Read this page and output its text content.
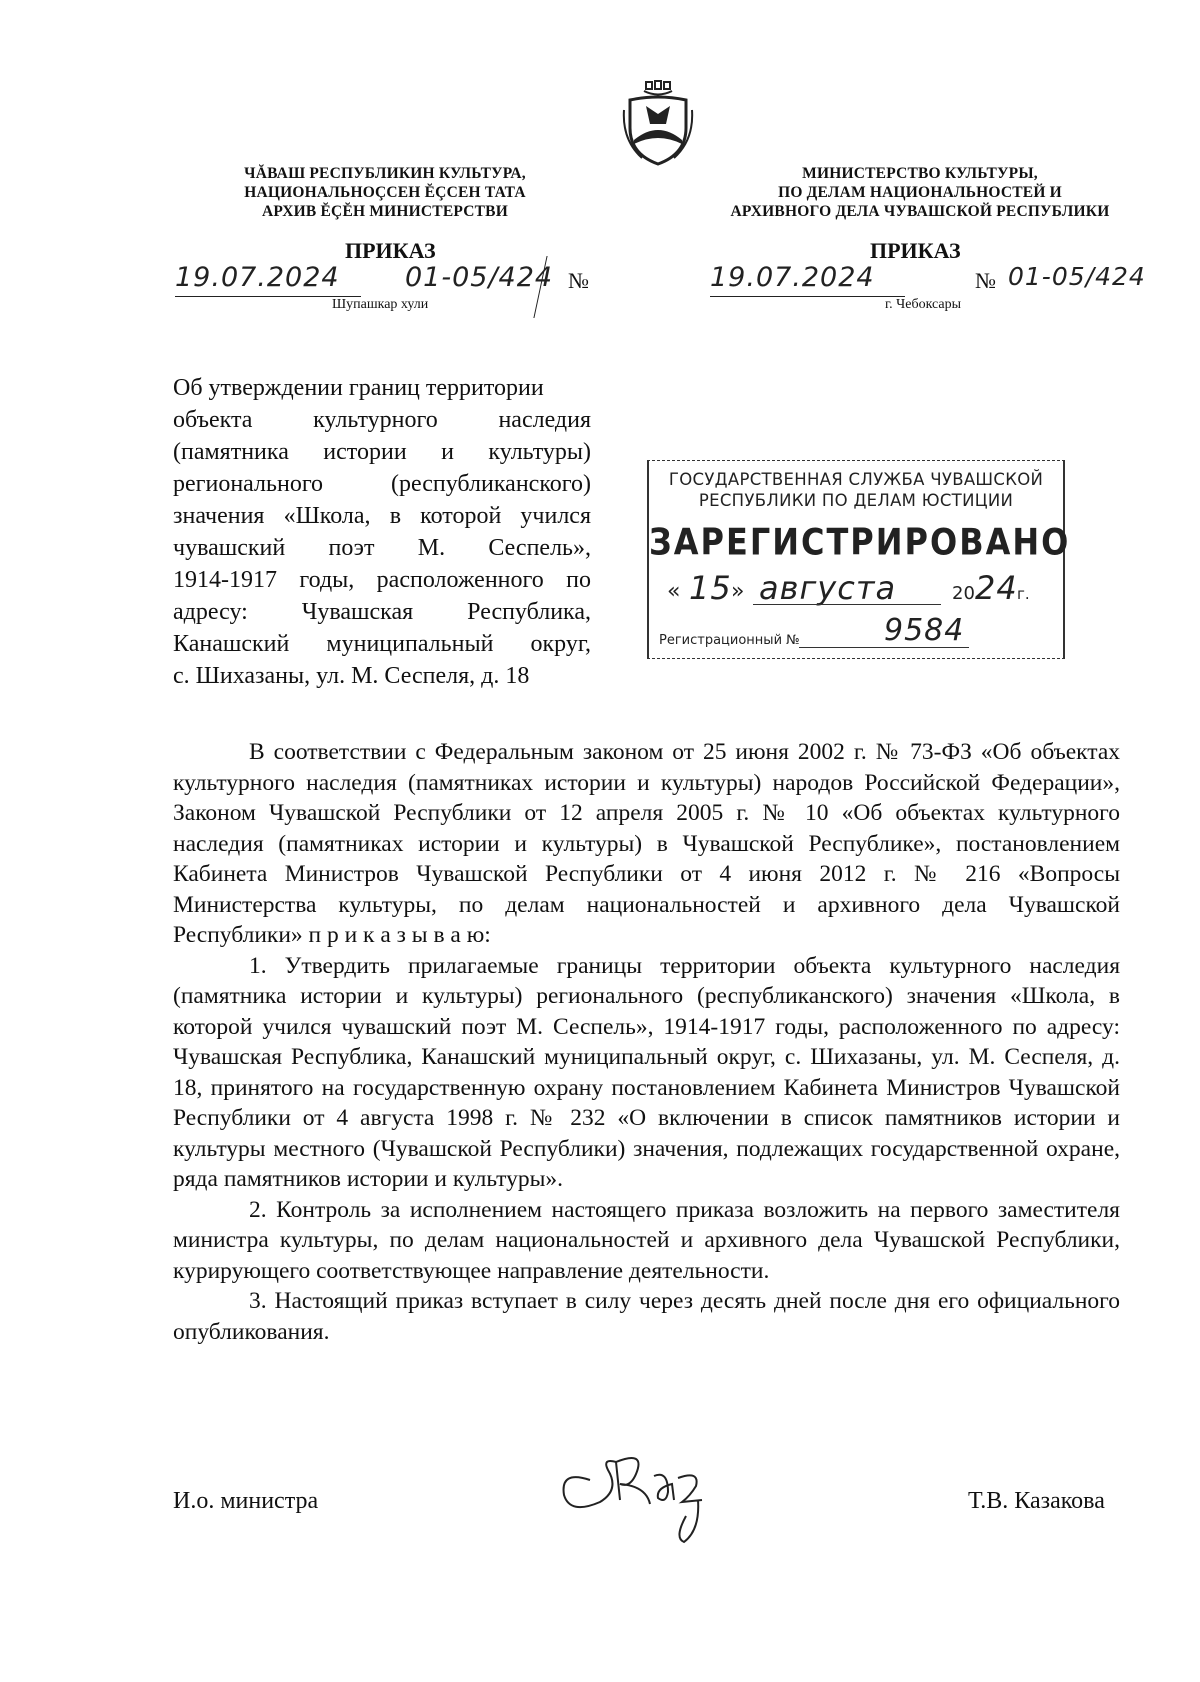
ЧĂВАШ РЕСПУБЛИКИН КУЛЬТУРА,
НАЦИОНАЛЬНОÇСЕН ĔÇСЕН ТАТА
АРХИВ ĔÇĔН МИНИСТЕРСТВИ
МИНИСТЕРСТВО КУЛЬТУРЫ,
ПО ДЕЛАМ НАЦИОНАЛЬНОСТЕЙ И
АРХИВНОГО ДЕЛА ЧУВАШСКОЙ РЕСПУБЛИКИ
ПРИКАЗ
19.07.2024 01-05/424 №
Шупашкар хули
ПРИКАЗ
19.07.2024	№ 01-05/424
г. Чебоксары
Об утверждении границ территории
объекта культурного наследия
(памятника истории и культуры)
регионального (республиканского)
значения «Школа, в которой учился
чувашский поэт М. Сеспель»,
1914-1917 годы, расположенного по
адресу: Чувашская Республика,
Канашский муниципальный округ,
с. Шихазаны, ул. М. Сеспеля, д. 18
ГОСУДАРСТВЕННАЯ СЛУЖБА ЧУВАШСКОЙ
РЕСПУБЛИКИ ПО ДЕЛАМ ЮСТИЦИИ
ЗАРЕГИСТРИРОВАНО
« 15 » августа	20 24 г.
Регистрационный №	9584

В соответствии с Федеральным законом от 25 июня 2002 г. № 73-ФЗ «Об объектах культурного наследия (памятниках истории и культуры) народов Российской Федерации», Законом Чувашской Республики от 12 апреля 2005 г. № 10 «Об объектах культурного наследия (памятниках истории и культуры) в Чувашской Республике», постановлением Кабинета Министров Чувашской Республики от 4 июня 2012 г. № 216 «Вопросы Министерства культуры, по делам национальностей и архивного дела Чувашской Республики» п р и к а з ы в а ю:

1. Утвердить прилагаемые границы территории объекта культурного наследия (памятника истории и культуры) регионального (республиканского) значения «Школа, в которой учился чувашский поэт М. Сеспель», 1914-1917 годы, расположенного по адресу: Чувашская Республика, Канашский муниципальный округ, с. Шихазаны, ул. М. Сеспеля, д. 18, принятого на государственную охрану постановлением Кабинета Министров Чувашской Республики от 4 августа 1998 г. № 232 «О включении в список памятников истории и культуры местного (Чувашской Республики) значения, подлежащих государственной охране, ряда памятников истории и культуры».

2. Контроль за исполнением настоящего приказа возложить на первого заместителя министра культуры, по делам национальностей и архивного дела Чувашской Республики, курирующего соответствующее направление деятельности.

3. Настоящий приказ вступает в силу через десять дней после дня его официального опубликования.

И.о. министра	Т.В. Казакова
